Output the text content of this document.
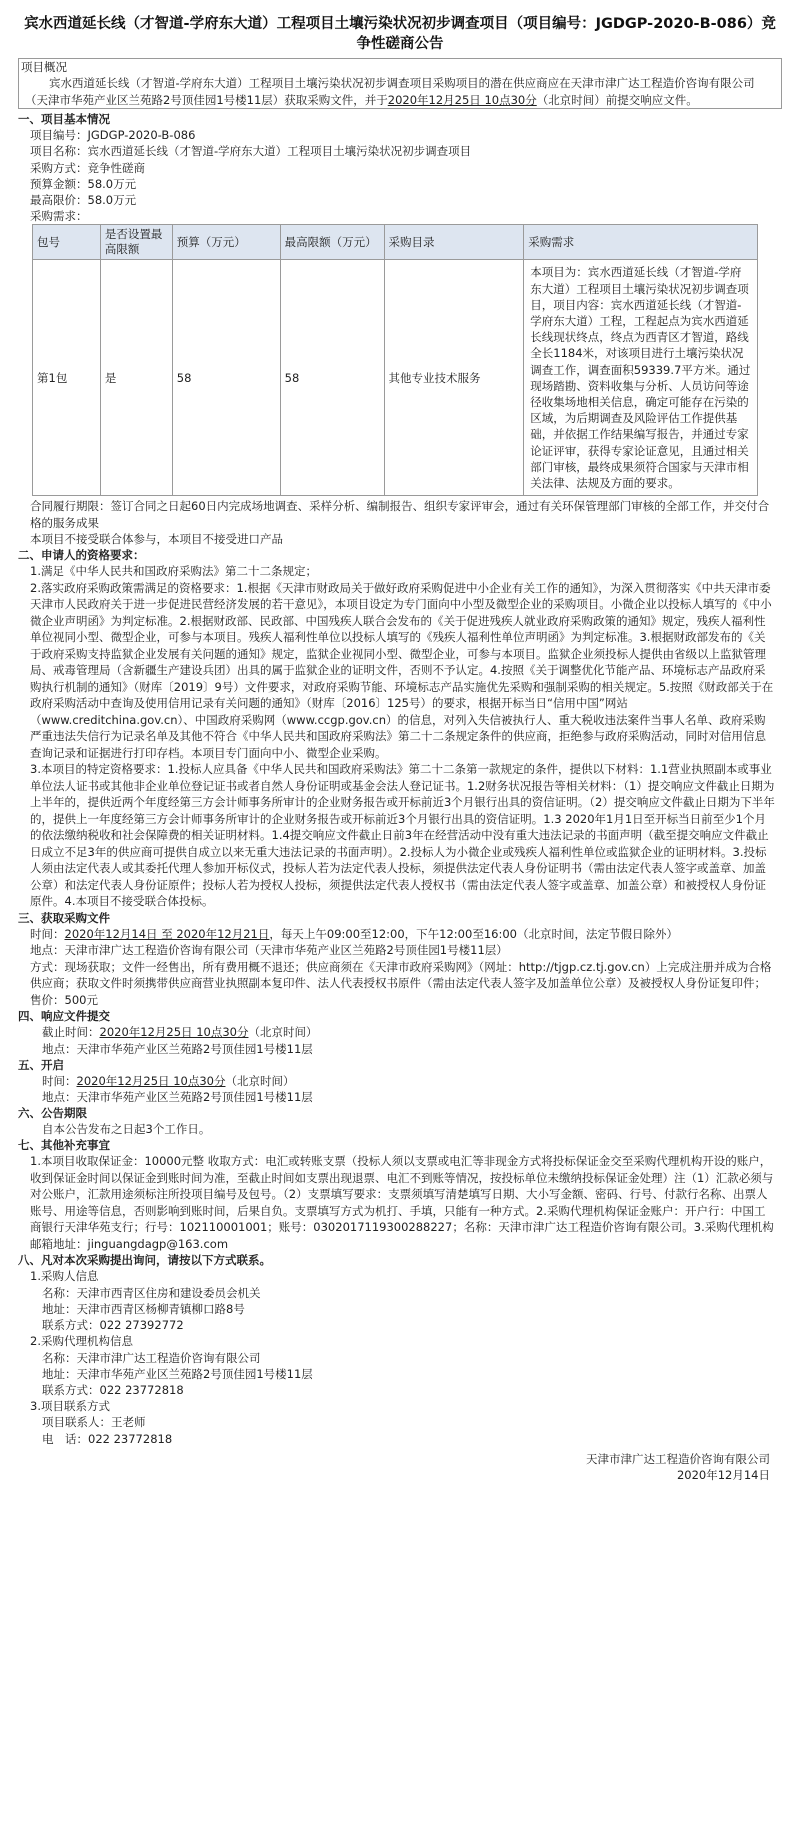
宾水西道延长线（才智道-学府东大道）工程项目土壤污染状况初步调查项目（项目编号：JGDGP-2020-B-086）竞争性磋商公告
项目概况
宾水西道延长线（才智道-学府东大道）工程项目土壤污染状况初步调查项目采购项目的潜在供应商应在天津市津广达工程造价咨询有限公司（天津市华苑产业区兰苑路2号顶佳园1号楼11层）获取采购文件，并于2020年12月25日 10点30分（北京时间）前提交响应文件。
一、项目基本情况
项目编号：JGDGP-2020-B-086
项目名称：宾水西道延长线（才智道-学府东大道）工程项目土壤污染状况初步调查项目
采购方式：竞争性磋商
预算金额：58.0万元
最高限价：58.0万元
采购需求：
包号	是否设置最高限额	预算（万元）	最高限额（万元）	采购目录	采购需求
第1包	是	58	58	其他专业技术服务	本项目为：宾水西道延长线（才智道-学府东大道）工程项目土壤污染状况初步调查项目，项目内容：宾水西道延长线（才智道-学府东大道）工程，工程起点为宾水西道延长线现状终点，终点为西青区才智道，路线全长1184米，对该项目进行土壤污染状况调查工作，调查面积59339.7平方米。通过现场踏勘、资料收集与分析、人员访问等途径收集场地相关信息，确定可能存在污染的区域，为后期调查及风险评估工作提供基础，并依据工作结果编写报告，并通过专家论证评审，获得专家论证意见，且通过相关部门审核，最终成果须符合国家与天津市相关法律、法规及方面的要求。
合同履行期限：签订合同之日起60日内完成场地调查、采样分析、编制报告、组织专家评审会，通过有关环保管理部门审核的全部工作，并交付合格的服务成果
本项目不接受联合体参与，本项目不接受进口产品
二、申请人的资格要求：
1.满足《中华人民共和国政府采购法》第二十二条规定；
2.落实政府采购政策需满足的资格要求：1.根据《天津市财政局关于做好政府采购促进中小企业有关工作的通知》，为深入贯彻落实《中共天津市委天津市人民政府关于进一步促进民营经济发展的若干意见》，本项目设定为专门面向中小型及微型企业的采购项目。小微企业以投标人填写的《中小微企业声明函》为判定标准。2.根据财政部、民政部、中国残疾人联合会发布的《关于促进残疾人就业政府采购政策的通知》规定，残疾人福利性单位视同小型、微型企业，可参与本项目。残疾人福利性单位以投标人填写的《残疾人福利性单位声明函》为判定标准。3.根据财政部发布的《关于政府采购支持监狱企业发展有关问题的通知》规定，监狱企业视同小型、微型企业，可参与本项目。监狱企业须投标人提供由省级以上监狱管理局、戒毒管理局（含新疆生产建设兵团）出具的属于监狱企业的证明文件，否则不予认定。4.按照《关于调整优化节能产品、环境标志产品政府采购执行机制的通知》（财库〔2019〕9号）文件要求，对政府采购节能、环境标志产品实施优先采购和强制采购的相关规定。5.按照《财政部关于在政府采购活动中查询及使用信用记录有关问题的通知》（财库〔2016〕125号）的要求，根据开标当日“信用中国”网站（www.creditchina.gov.cn）、中国政府采购网（www.ccgp.gov.cn）的信息，对列入失信被执行人、重大税收违法案件当事人名单、政府采购严重违法失信行为记录名单及其他不符合《中华人民共和国政府采购法》第二十二条规定条件的供应商，拒绝参与政府采购活动，同时对信用信息查询记录和证据进行打印存档。本项目专门面向中小、微型企业采购。
3.本项目的特定资格要求：1.投标人应具备《中华人民共和国政府采购法》第二十二条第一款规定的条件，提供以下材料：1.1营业执照副本或事业单位法人证书或其他非企业单位登记证书或者自然人身份证明或基金会法人登记证书。1.2财务状况报告等相关材料：（1）提交响应文件截止日期为上半年的，提供近两个年度经第三方会计师事务所审计的企业财务报告或开标前近3个月银行出具的资信证明。（2）提交响应文件截止日期为下半年的，提供上一年度经第三方会计师事务所审计的企业财务报告或开标前近3个月银行出具的资信证明。1.3 2020年1月1日至开标当日前至少1个月的依法缴纳税收和社会保障费的相关证明材料。1.4提交响应文件截止日前3年在经营活动中没有重大违法记录的书面声明（截至提交响应文件截止日成立不足3年的供应商可提供自成立以来无重大违法记录的书面声明）。2.投标人为小微企业或残疾人福利性单位或监狱企业的证明材料。3.投标人须由法定代表人或其委托代理人参加开标仪式，投标人若为法定代表人投标，须提供法定代表人身份证明书（需由法定代表人签字或盖章、加盖公章）和法定代表人身份证原件；投标人若为授权人投标，须提供法定代表人授权书（需由法定代表人签字或盖章、加盖公章）和被授权人身份证原件。4.本项目不接受联合体投标。
三、获取采购文件
时间：2020年12月14日 至 2020年12月21日，每天上午09:00至12:00，下午12:00至16:00（北京时间，法定节假日除外）
地点：天津市津广达工程造价咨询有限公司（天津市华苑产业区兰苑路2号顶佳园1号楼11层）
方式：现场获取；文件一经售出，所有费用概不退还；供应商须在《天津市政府采购网》（网址：http://tjgp.cz.tj.gov.cn）上完成注册并成为合格供应商；获取文件时须携带供应商营业执照副本复印件、法人代表授权书原件（需由法定代表人签字及加盖单位公章）及被授权人身份证复印件；
售价：500元
四、响应文件提交
截止时间：2020年12月25日 10点30分（北京时间）
地点：天津市华苑产业区兰苑路2号顶佳园1号楼11层
五、开启
时间：2020年12月25日 10点30分（北京时间）
地点：天津市华苑产业区兰苑路2号顶佳园1号楼11层
六、公告期限
自本公告发布之日起3个工作日。
七、其他补充事宜
1.本项目收取保证金：10000元整 收取方式：电汇或转账支票（投标人须以支票或电汇等非现金方式将投标保证金交至采购代理机构开设的账户，收到保证金时间以保证金到账时间为准，至截止时间如支票出现退票、电汇不到账等情况，按投标单位未缴纳投标保证金处理）注（1）汇款必须与对公账户，汇款用途须标注所投项目编号及包号。（2）支票填写要求：支票须填写清楚填写日期、大小写金额、密码、行号、付款行名称、出票人账号、用途等信息，否则影响到账时间，后果自负。支票填写方式为机打、手填，只能有一种方式。2.采购代理机构保证金账户：开户行：中国工商银行天津华苑支行；行号：102110001001；账号：0302017119300288227；名称：天津市津广达工程造价咨询有限公司。3.采购代理机构邮箱地址：jinguangdagp@163.com
八、凡对本次采购提出询问，请按以下方式联系。
1.采购人信息
名称：天津市西青区住房和建设委员会机关
地址：天津市西青区杨柳青镇柳口路8号
联系方式：022 27392772
2.采购代理机构信息
名称：天津市津广达工程造价咨询有限公司
地址：天津市华苑产业区兰苑路2号顶佳园1号楼11层
联系方式：022 23772818
3.项目联系方式
项目联系人：王老师
电　话：022 23772818
天津市津广达工程造价咨询有限公司
2020年12月14日
